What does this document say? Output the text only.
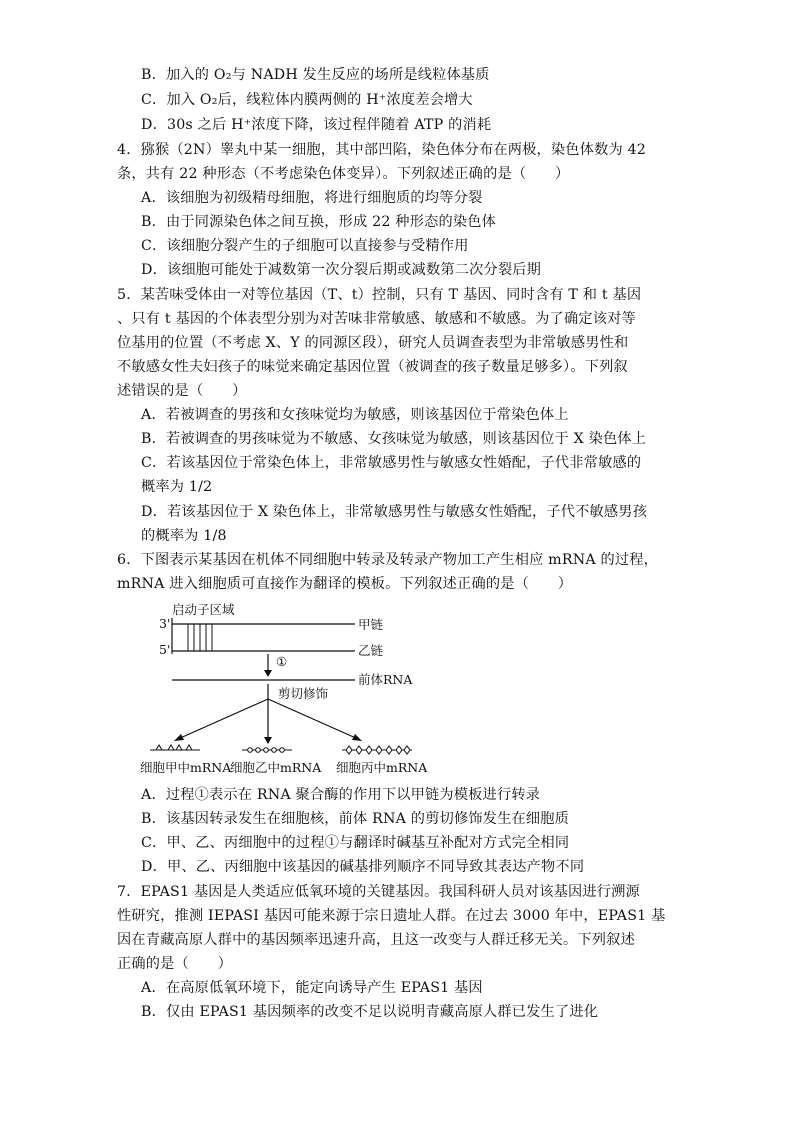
B．加入的 O₂与 NADH 发生反应的场所是线粒体基质
C．加入 O₂后，线粒体内膜两侧的 H⁺浓度差会增大
D．30s 之后 H⁺浓度下降，该过程伴随着 ATP 的消耗
4．猕猴（2N）睾丸中某一细胞，其中部凹陷，染色体分布在两极，染色体数为 42
条，共有 22 种形态（不考虑染色体变异）。下列叙述正确的是（　　）
A．该细胞为初级精母细胞，将进行细胞质的均等分裂
B．由于同源染色体之间互换，形成 22 种形态的染色体
C．该细胞分裂产生的子细胞可以直接参与受精作用
D．该细胞可能处于减数第一次分裂后期或减数第二次分裂后期
5．某苦味受体由一对等位基因（T、t）控制，只有 T 基因、同时含有 T 和 t 基因
、只有 t 基因的个体表型分别为对苦味非常敏感、敏感和不敏感。为了确定该对等
位基用的位置（不考虑 X、Y 的同源区段），研究人员调查表型为非常敏感男性和
不敏感女性夫妇孩子的味觉来确定基因位置（被调查的孩子数量足够多）。下列叙
述错误的是（　　）
A．若被调查的男孩和女孩味觉均为敏感，则该基因位于常染色体上
B．若被调查的男孩味觉为不敏感、女孩味觉为敏感，则该基因位于 X 染色体上
C．若该基因位于常染色体上，非常敏感男性与敏感女性婚配，子代非常敏感的
概率为 1/2
D．若该基因位于 X 染色体上，非常敏感男性与敏感女性婚配，子代不敏感男孩
的概率为 1/8
6．下图表示某基因在机体不同细胞中转录及转录产物加工产生相应 mRNA 的过程，
mRNA 进入细胞质可直接作为翻译的模板。下列叙述正确的是（　　）
启动子区域
3'
5'
甲链
乙链
①
前体RNA
剪切修饰
细胞甲中mRNA
细胞乙中mRNA 细胞丙中mRNA
A．过程①表示在 RNA 聚合酶的作用下以甲链为模板进行转录
B．该基因转录发生在细胞核，前体 RNA 的剪切修饰发生在细胞质
C．甲、乙、丙细胞中的过程①与翻译时碱基互补配对方式完全相同
D．甲、乙、丙细胞中该基因的碱基排列顺序不同导致其表达产物不同
7．EPAS1 基因是人类适应低氧环境的关键基因。我国科研人员对该基因进行溯源
性研究，推测 IEPASI 基因可能来源于宗日遗址人群。在过去 3000 年中，EPAS1 基
因在青藏高原人群中的基因频率迅速升高，且这一改变与人群迁移无关。下列叙述
正确的是（　　）
A．在高原低氧环境下，能定向诱导产生 EPAS1 基因
B．仅由 EPAS1 基因频率的改变不足以说明青藏高原人群已发生了进化
